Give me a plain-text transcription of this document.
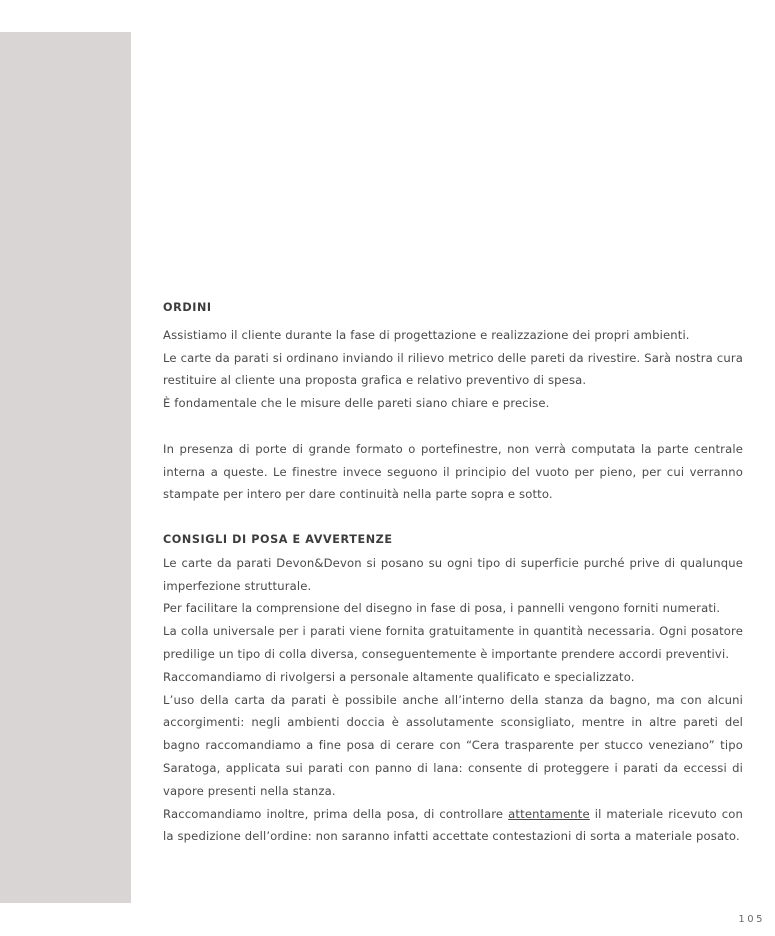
ORDINI

Assistiamo il cliente durante la fase di progettazione e realizzazione dei propri ambienti.

Le carte da parati si ordinano inviando il rilievo metrico delle pareti da rivestire. Sarà nostra cura restituire al cliente una proposta grafica e relativo preventivo di spesa.

È fondamentale che le misure delle pareti siano chiare e precise.

In presenza di porte di grande formato o portefinestre, non verrà computata la parte centrale interna a queste. Le finestre invece seguono il principio del vuoto per pieno, per cui verranno stampate per intero per dare continuità nella parte sopra e sotto.

CONSIGLI DI POSA E AVVERTENZE

Le carte da parati Devon&Devon si posano su ogni tipo di superficie purché prive di qualunque imperfezione strutturale.

Per facilitare la comprensione del disegno in fase di posa, i pannelli vengono forniti numerati.

La colla universale per i parati viene fornita gratuitamente in quantità necessaria. Ogni posatore predilige un tipo di colla diversa, conseguentemente è importante prendere accordi preventivi.

Raccomandiamo di rivolgersi a personale altamente qualificato e specializzato.

L’uso della carta da parati è possibile anche all’interno della stanza da bagno, ma con alcuni accorgimenti: negli ambienti doccia è assolutamente sconsigliato, mentre in altre pareti del bagno raccomandiamo a fine posa di cerare con “Cera trasparente per stucco veneziano” tipo Saratoga, applicata sui parati con panno di lana: consente di proteggere i parati da eccessi di vapore presenti nella stanza.

Raccomandiamo inoltre, prima della posa, di controllare attentamente il materiale ricevuto con la spedizione dell’ordine: non saranno infatti accettate contestazioni di sorta a materiale posato.

105
